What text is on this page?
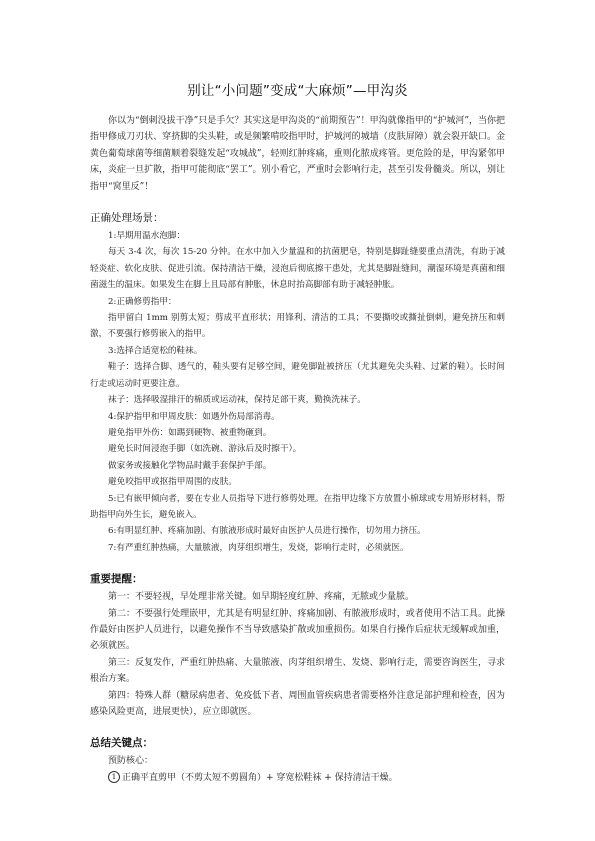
别让“小问题”变成“大麻烦”—甲沟炎

你以为“倒刺没拔干净”只是手欠？其实这是甲沟炎的“前期预告”！甲沟就像指甲的“护城河”，当你把指甲修成刀刃状、穿挤脚的尖头鞋，或是频繁啃咬指甲时，护城河的城墙（皮肤屏障）就会裂开缺口。金黄色葡萄球菌等细菌顺着裂缝发起“攻城战”，轻则红肿疼痛，重则化脓成疼管。更危险的是，甲沟紧邻甲床，炎症一旦扩散，指甲可能彻底“罢工”。别小看它，严重时会影响行走，甚至引发骨髓炎。所以，别让指甲“窝里反”！

正确处理场景：

1:早期用温水泡脚：

每天 3-4 次，每次 15-20 分钟。在水中加入少量温和的抗菌肥皂，特别是脚趾缝要重点清洗，有助于减轻炎症、软化皮肤、促进引流。保持清洁干燥，浸泡后彻底擦干患处，尤其是脚趾缝间，潮湿环境是真菌和细菌滋生的温床。如果发生在脚上且局部有肿胀，休息时抬高脚部有助于减轻肿胀。

2:正确修剪指甲：

指甲留白 1mm 别剪太短；剪成平直形状；用锋利、清洁的工具；不要撕咬或撕扯倒刺，避免挤压和刺激，不要强行修剪嵌入的指甲。

3:选择合适宽松的鞋袜。

鞋子：选择合脚、透气的，鞋头要有足够空间，避免脚趾被挤压（尤其避免尖头鞋、过紧的鞋）。长时间行走或运动时更要注意。

袜子：选择吸湿排汗的棉质或运动袜，保持足部干爽，勤换洗袜子。

4:保护指甲和甲周皮肤：如遇外伤局部消毒。

避免指甲外伤：如踢到硬物、被重物砸到。

避免长时间浸泡手脚（如洗碗、游泳后及时擦干）。

做家务或接触化学物品时戴手套保护手部。

避免咬指甲或抠指甲周围的皮肤。

5:已有嵌甲倾向者，要在专业人员指导下进行修剪处理。在指甲边缘下方放置小棉球或专用矫形材料，帮助指甲向外生长，避免嵌入。

6:有明显红肿、疼痛加剧、有脓液形成时最好由医护人员进行操作，切勿用力挤压。

7:有严重红肿热痛，大量脓液，肉芽组织增生，发烧，影响行走时，必须就医。

重要提醒：

第一：不要轻视，早处理非常关键。如早期轻度红肿、疼痛，无脓或少量脓。

第二：不要强行处理嵌甲，尤其是有明显红肿、疼痛加剧、有脓液形成时，或者使用不洁工具。此操作最好由医护人员进行，以避免操作不当导致感染扩散或加重损伤。如果自行操作后症状无缓解或加重，必须就医。

第三：反复发作，严重红肿热痛、大量脓液、肉芽组织增生、发烧、影响行走，需要咨询医生，寻求根治方案。

第四：特殊人群（糖尿病患者、免疫低下者、周围血管疾病患者需要格外注意足部护理和检查，因为感染风险更高，进展更快），应立即就医。

总结关键点：

预防核心：

1 正确平直剪甲（不剪太短不剪圆角）+ 穿宽松鞋袜 + 保持清洁干燥。
